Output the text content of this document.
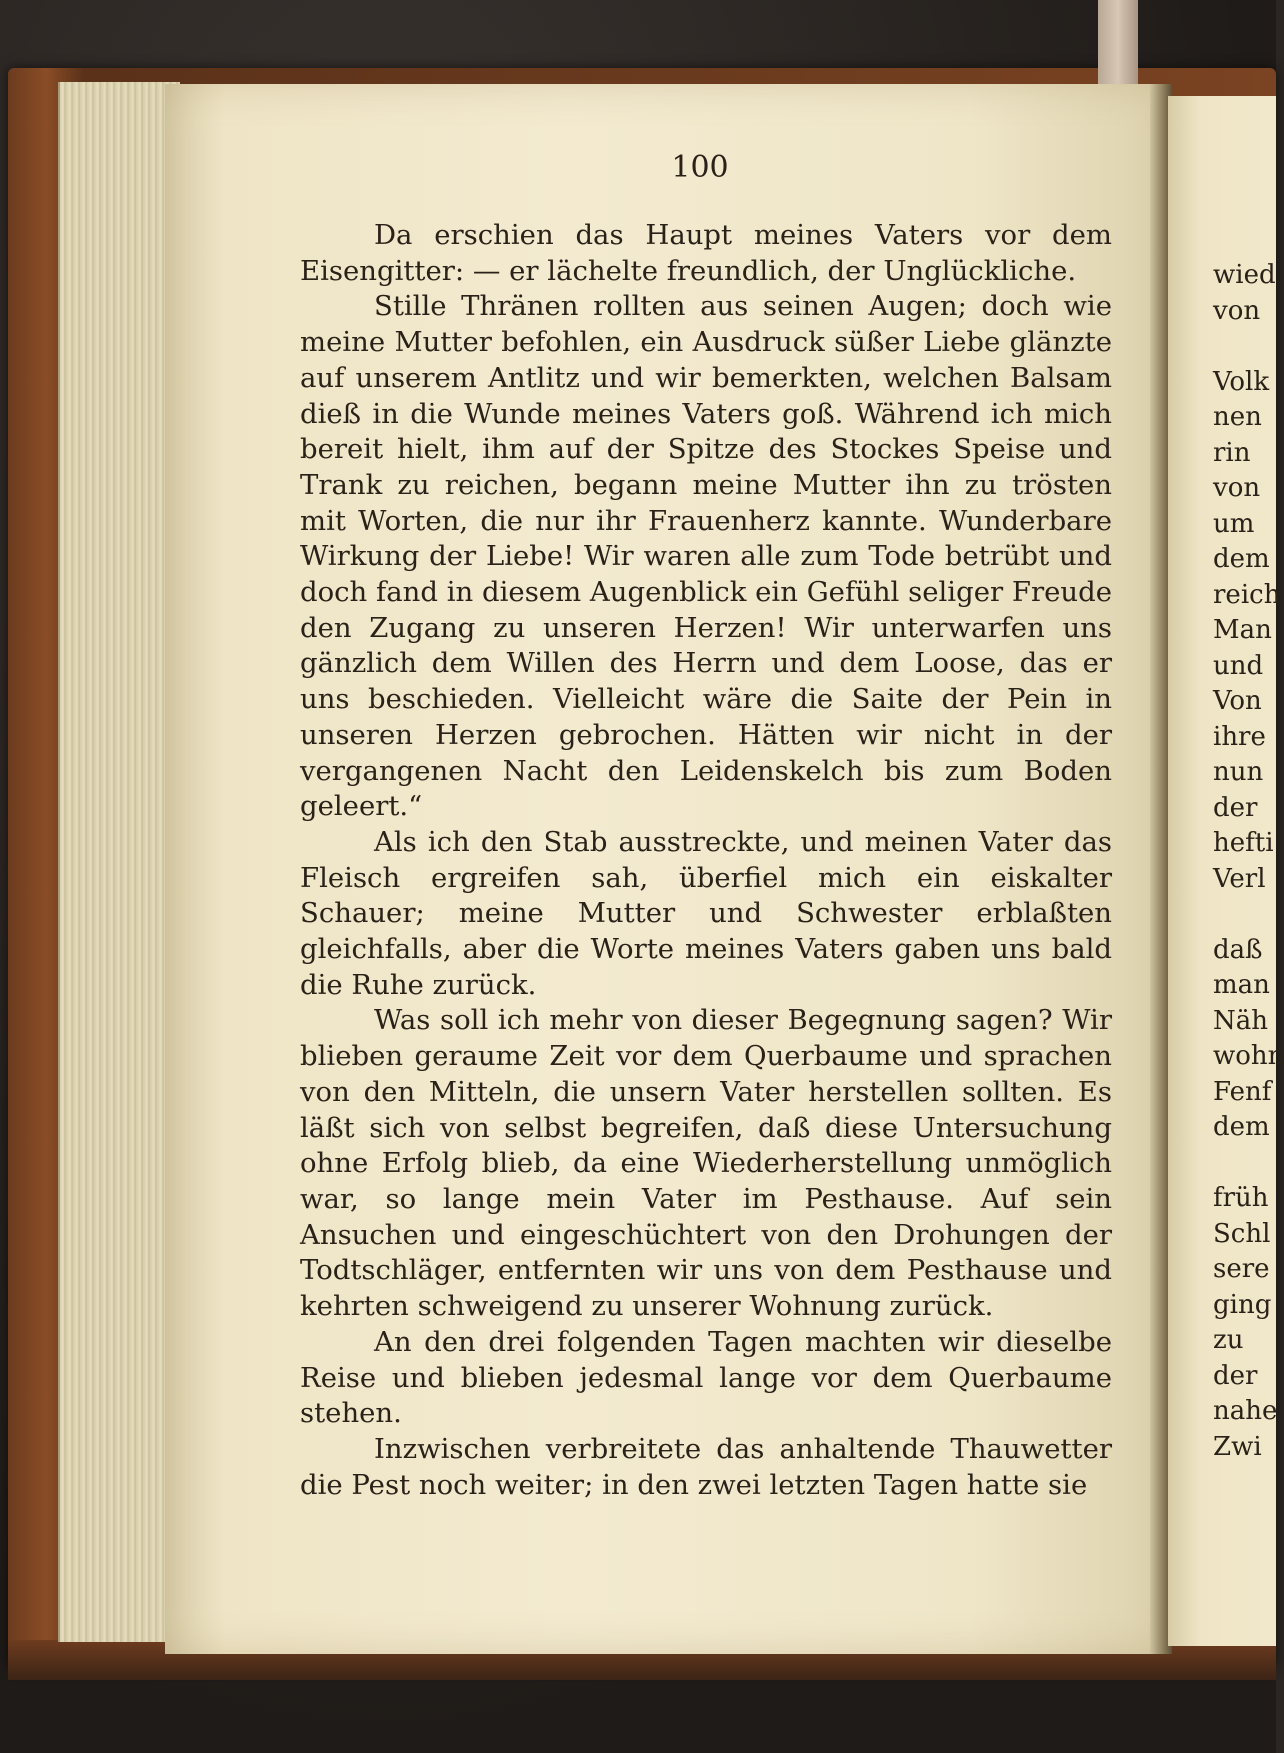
100

Da erschien das Haupt meines Vaters vor dem Eisengitter: — er lächelte freundlich, der Unglückliche.

Stille Thränen rollten aus seinen Augen; doch wie meine Mutter befohlen, ein Ausdruck süßer Liebe glänzte auf unserem Antlitz und wir bemerkten, welchen Balsam dieß in die Wunde meines Vaters goß. Während ich mich bereit hielt, ihm auf der Spitze des Stockes Speise und Trank zu reichen, begann meine Mutter ihn zu trösten mit Worten, die nur ihr Frauenherz kannte. Wunderbare Wirkung der Liebe! Wir waren alle zum Tode betrübt und doch fand in diesem Augenblick ein Gefühl seliger Freude den Zugang zu unseren Herzen! Wir unterwarfen uns gänzlich dem Willen des Herrn und dem Loose, das er uns beschieden. Vielleicht wäre die Saite der Pein in unseren Herzen gebrochen. Hätten wir nicht in der vergangenen Nacht den Leidenskelch bis zum Boden geleert.“

Als ich den Stab ausstreckte, und meinen Vater das Fleisch ergreifen sah, überfiel mich ein eiskalter Schauer; meine Mutter und Schwester erblaßten gleichfalls, aber die Worte meines Vaters gaben uns bald die Ruhe zurück.

Was soll ich mehr von dieser Begegnung sagen? Wir blieben geraume Zeit vor dem Querbaume und sprachen von den Mitteln, die unsern Vater herstellen sollten. Es läßt sich von selbst begreifen, daß diese Untersuchung ohne Erfolg blieb, da eine Wiederherstellung unmöglich war, so lange mein Vater im Pesthause. Auf sein Ansuchen und eingeschüchtert von den Drohungen der Todtschläger, entfernten wir uns von dem Pesthause und kehrten schweigend zu unserer Wohnung zurück.

An den drei folgenden Tagen machten wir dieselbe Reise und blieben jedesmal lange vor dem Querbaume stehen.

Inzwischen verbreitete das anhaltende Thauwetter die Pest noch weiter; in den zwei letzten Tagen hatte sie

wied
von
Volk
nen
rin
von
um
dem
reich
Man
und
Von
ihre
nun
der
hefti
Verl
daß
man
Näh
wohn
Fenf
dem
früh
Schl
sere
ging
zu
der
nahe
Zwi
